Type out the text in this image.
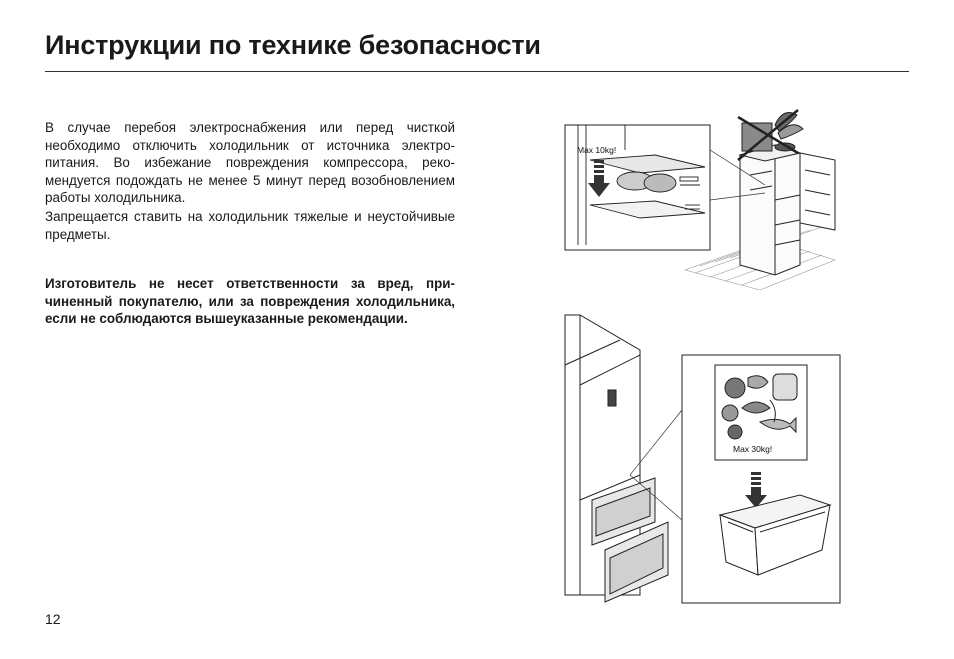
Инструкции по технике безопасности

В случае перебоя электроснабжения или перед чисткой необходимо отключить холодильник от источника электропитания. Во избежание повреждения компрессора, рекомендуется подождать не менее 5 минут перед возобновлением работы холодильника.

Запрещается ставить на холодильник тяжелые и неустойчивые предметы.

Изготовитель не несет ответственности за вред, причиненный покупателю, или за повреждения холодильника, если не соблюдаются вышеуказанные рекомендации.

Max 10kg!
Max 30kg!
12
